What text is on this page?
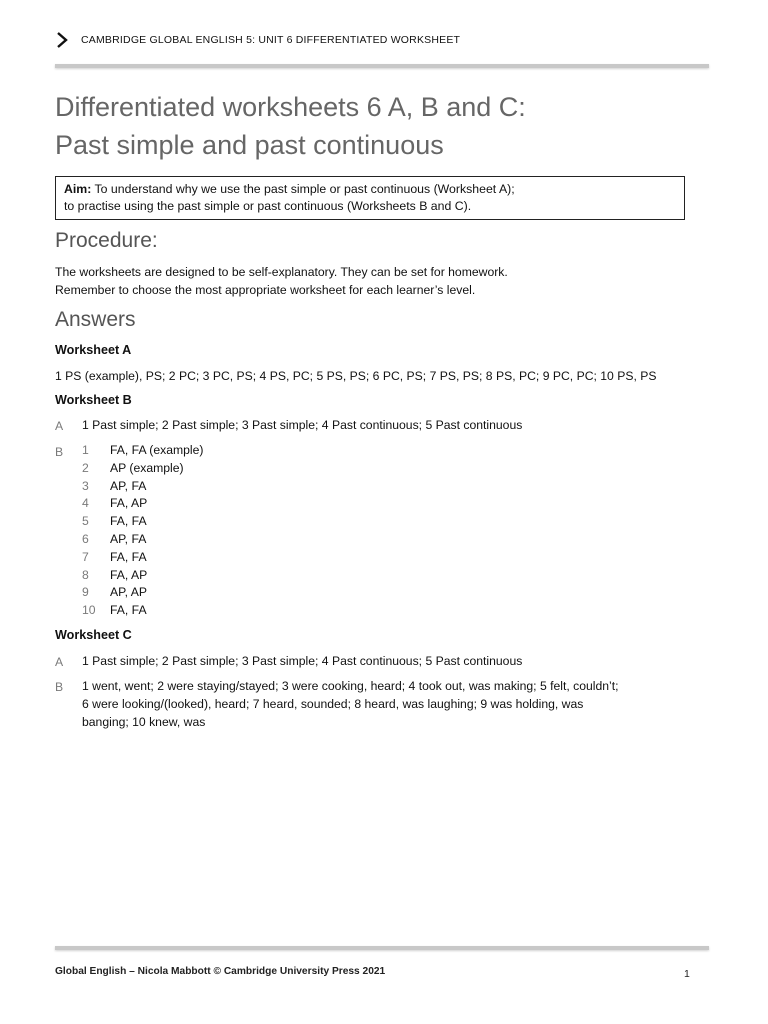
CAMBRIDGE GLOBAL ENGLISH 5: UNIT 6 DIFFERENTIATED WORKSHEET
Differentiated worksheets 6 A, B and C:
Past simple and past continuous
Aim: To understand why we use the past simple or past continuous (Worksheet A);
to practise using the past simple or past continuous (Worksheets B and C).
Procedure:
The worksheets are designed to be self-explanatory. They can be set for homework.
Remember to choose the most appropriate worksheet for each learner’s level.
Answers
Worksheet A
1 PS (example), PS; 2 PC; 3 PC, PS; 4 PS, PC; 5 PS, PS; 6 PC, PS; 7 PS, PS; 8 PS, PC; 9 PC, PC; 10 PS, PS
Worksheet B
A 1 Past simple; 2 Past simple; 3 Past simple; 4 Past continuous; 5 Past continuous
B 1	FA, FA (example)
2	AP (example)
3	AP, FA
4	FA, AP
5	FA, FA
6	AP, FA
7	FA, FA
8	FA, AP
9	AP, AP
10	FA, FA
Worksheet C
A 1 Past simple; 2 Past simple; 3 Past simple; 4 Past continuous; 5 Past continuous
B 1 went, went; 2 were staying/stayed; 3 were cooking, heard; 4 took out, was making; 5 felt, couldn’t;
6 were looking/(looked), heard; 7 heard, sounded; 8 heard, was laughing; 9 was holding, was
banging; 10 knew, was
Global English – Nicola Mabbott © Cambridge University Press 2021	1
